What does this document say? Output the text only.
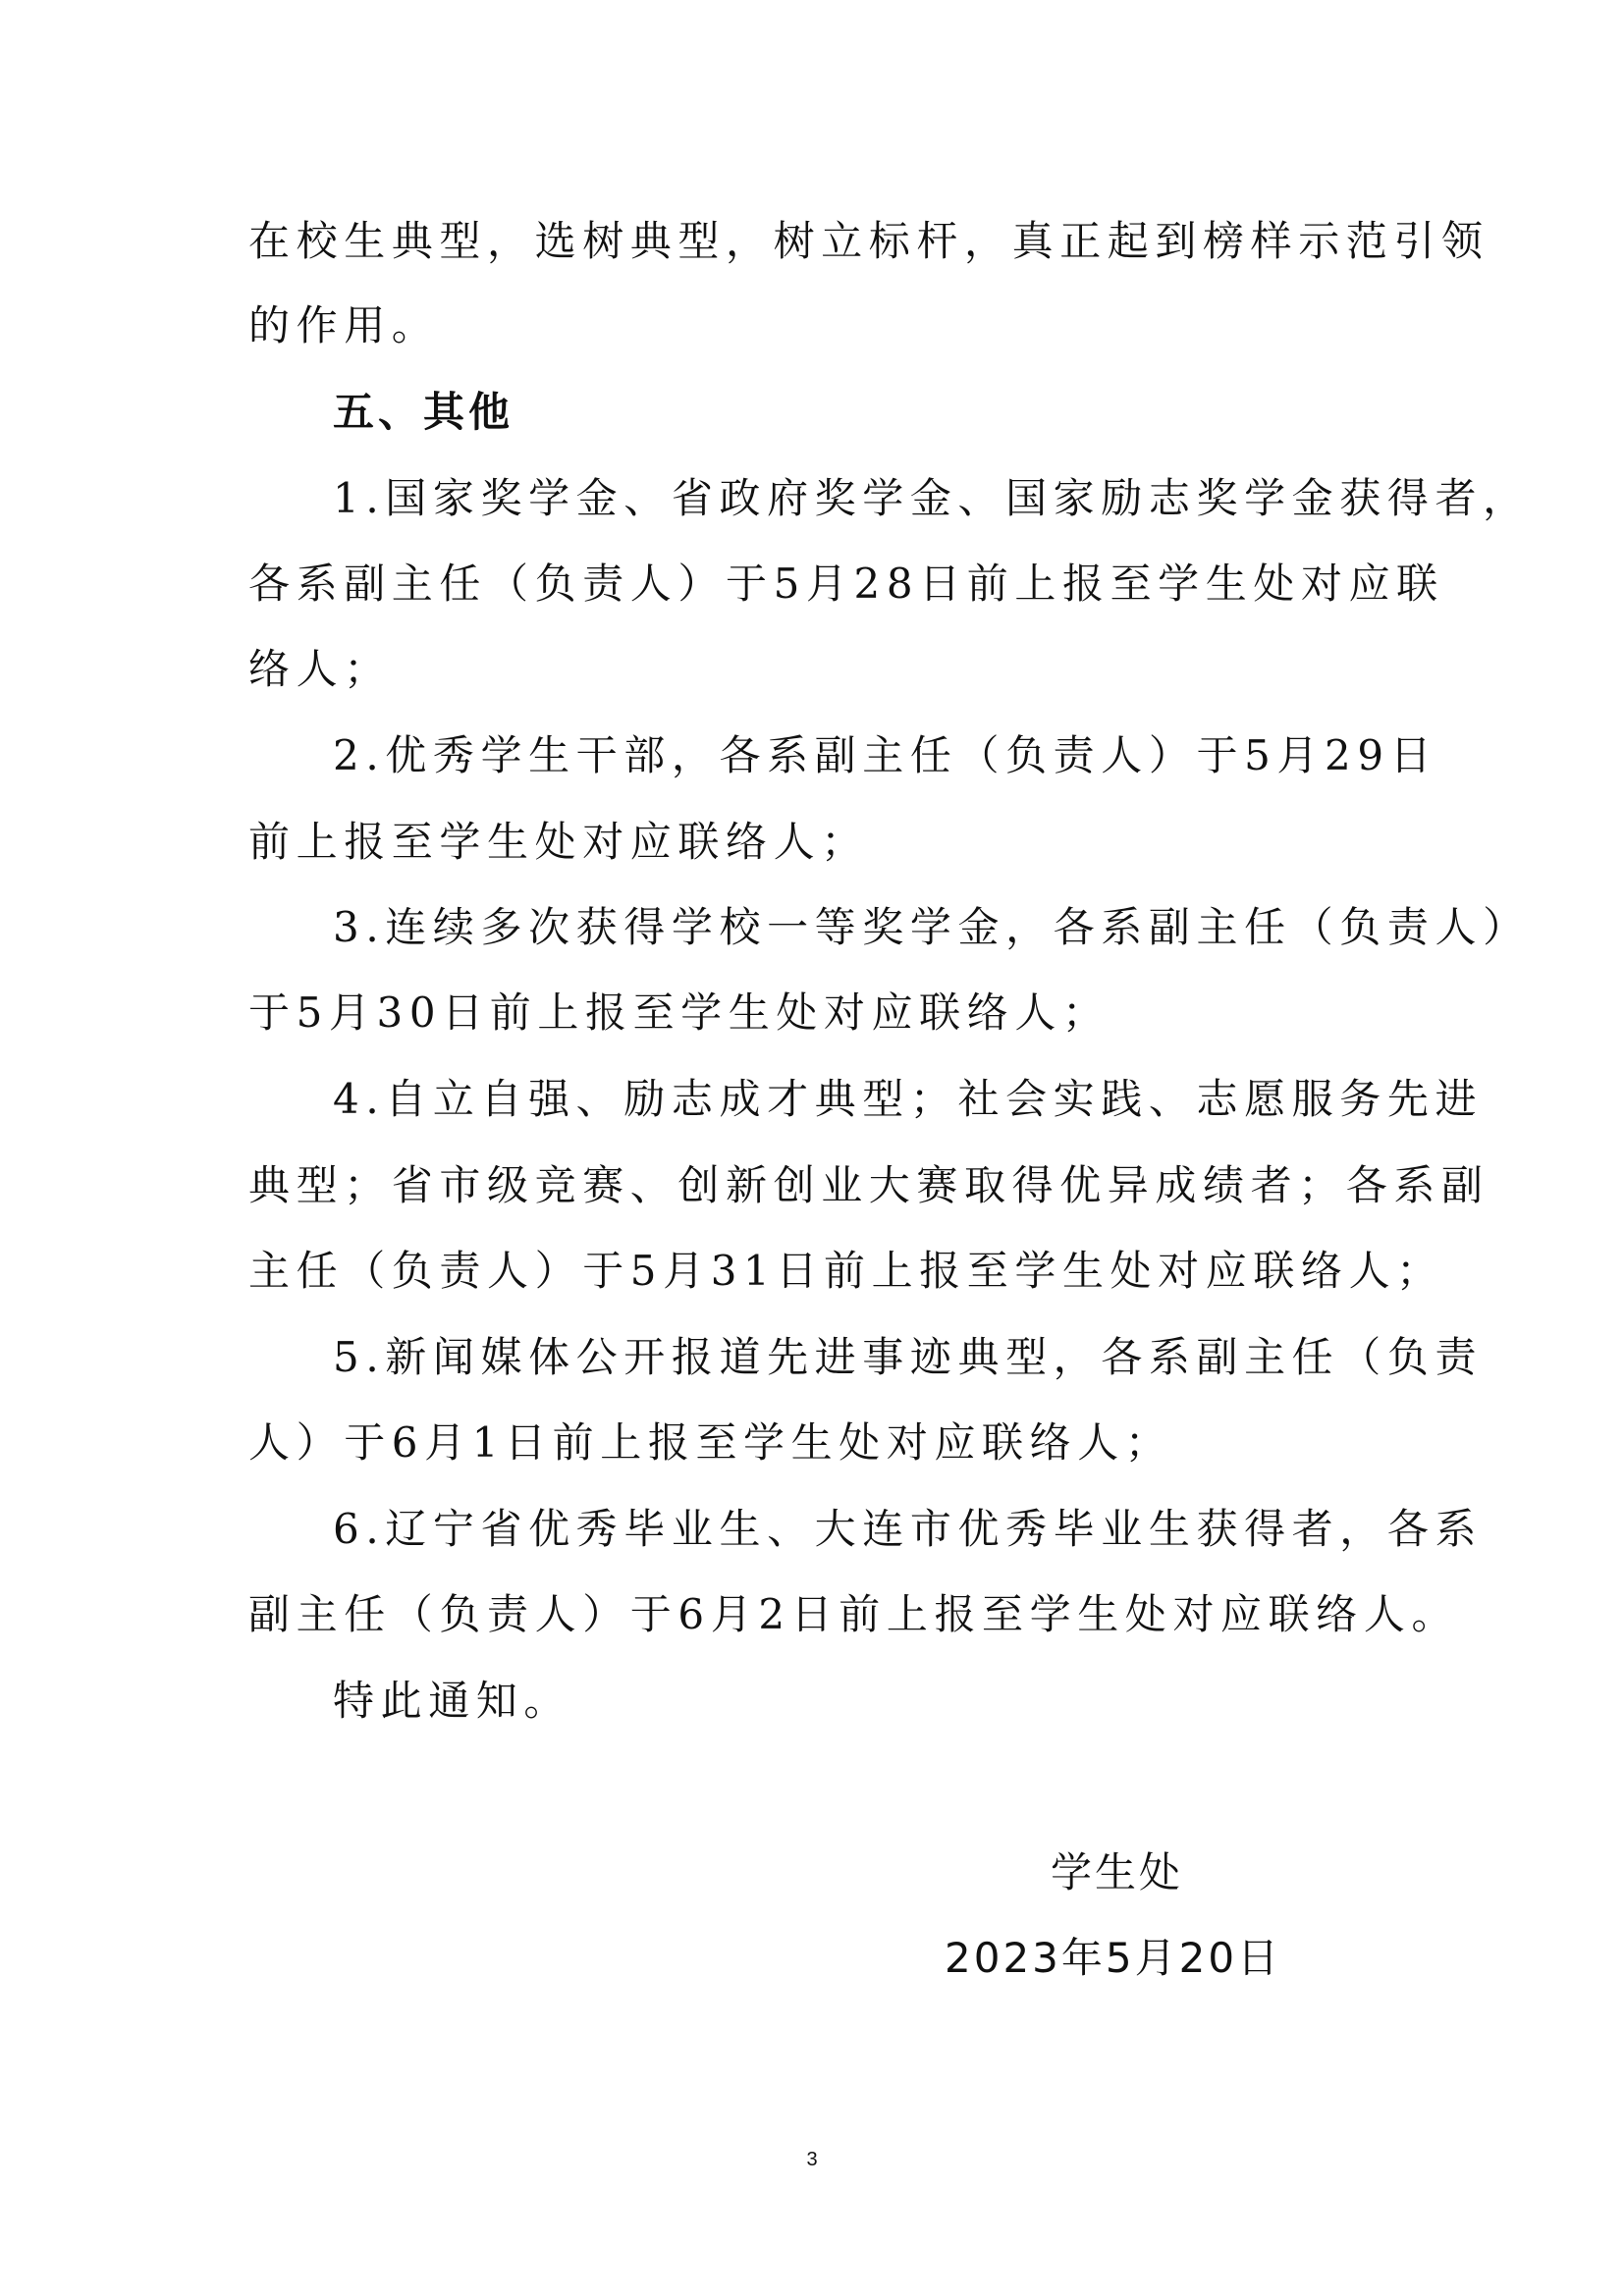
在校生典型，选树典型，树立标杆，真正起到榜样示范引领
的作用。
五、其他
1.国家奖学金、省政府奖学金、国家励志奖学金获得者，
各系副主任（负责人）于5月28日前上报至学生处对应联
络人；
2.优秀学生干部，各系副主任（负责人）于5月29日
前上报至学生处对应联络人；
3.连续多次获得学校一等奖学金，各系副主任（负责人）
于5月30日前上报至学生处对应联络人；
4.自立自强、励志成才典型；社会实践、志愿服务先进
典型；省市级竞赛、创新创业大赛取得优异成绩者；各系副
主任（负责人）于5月31日前上报至学生处对应联络人；
5.新闻媒体公开报道先进事迹典型，各系副主任（负责
人）于6月1日前上报至学生处对应联络人；
6.辽宁省优秀毕业生、大连市优秀毕业生获得者，各系
副主任（负责人）于6月2日前上报至学生处对应联络人。
特此通知。
学生处
2023年5月20日
3
